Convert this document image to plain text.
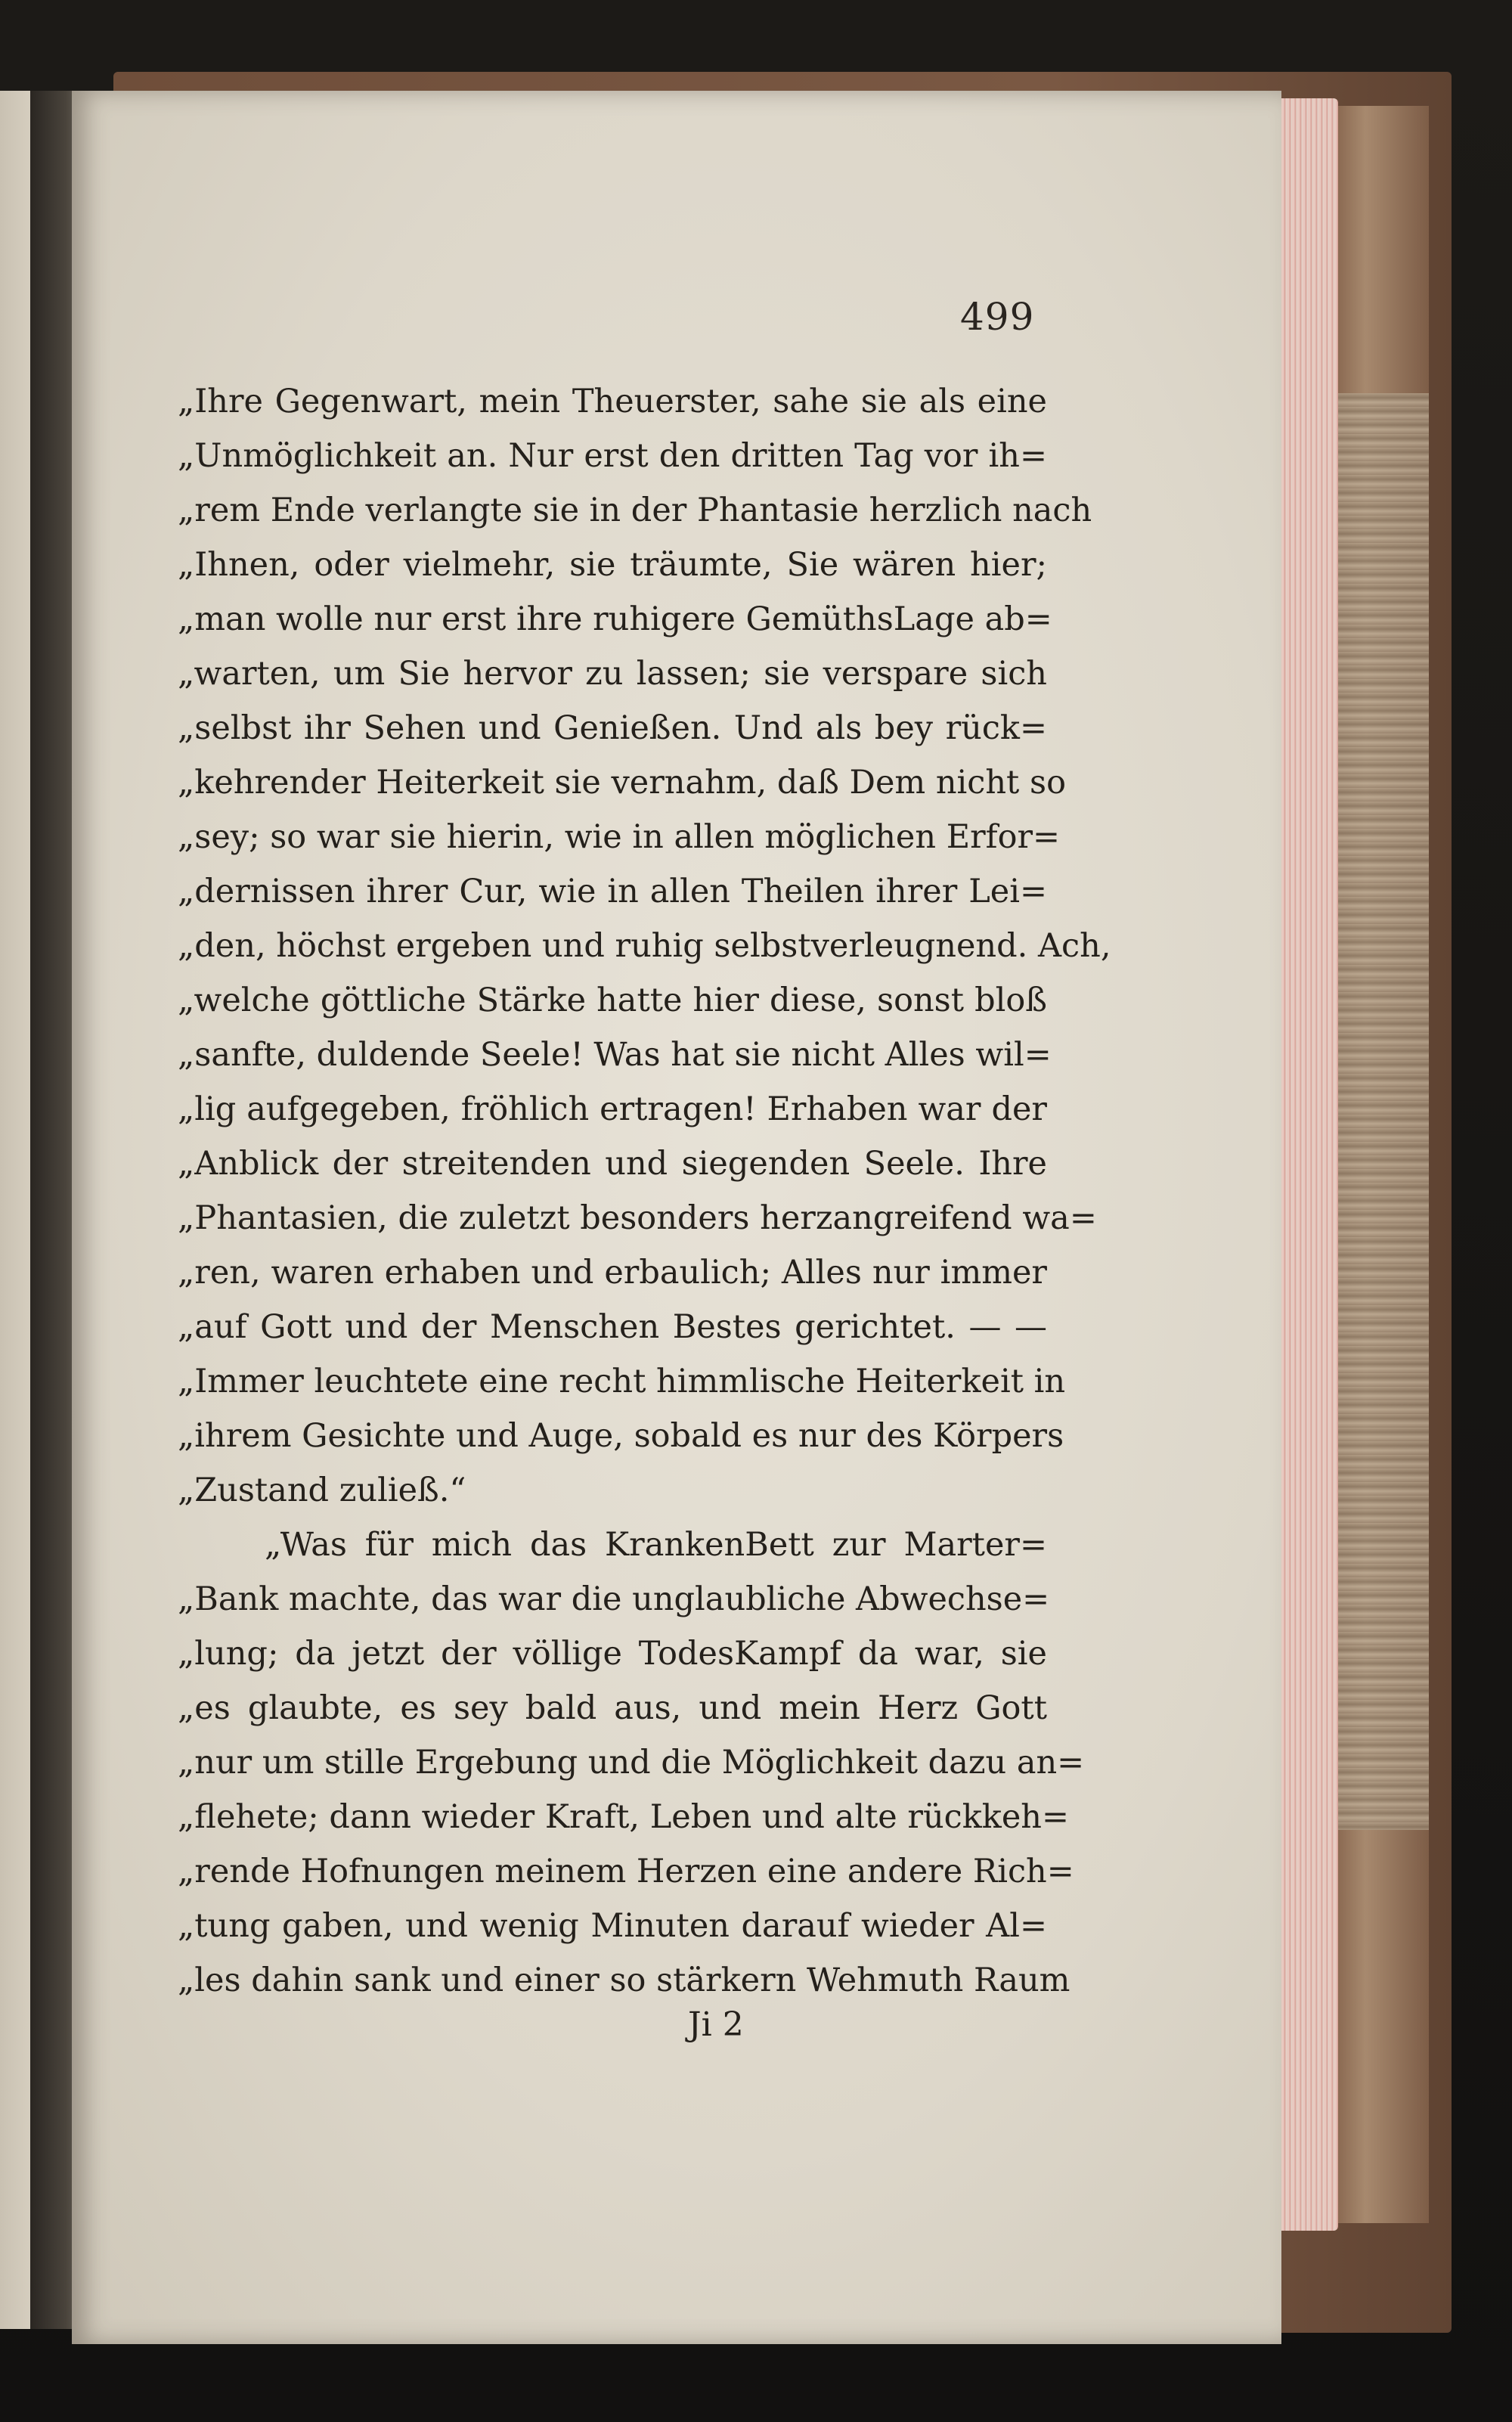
499
„Ihre Gegenwart, mein Theuerster, sahe sie als eine
„Unmöglichkeit an. Nur erst den dritten Tag vor ih=
„rem Ende verlangte sie in der Phantasie herzlich nach
„Ihnen, oder vielmehr, sie träumte, Sie wären hier;
„man wolle nur erst ihre ruhigere GemüthsLage ab=
„warten, um Sie hervor zu lassen; sie verspare sich
„selbst ihr Sehen und Genießen. Und als bey rück=
„kehrender Heiterkeit sie vernahm, daß Dem nicht so
„sey; so war sie hierin, wie in allen möglichen Erfor=
„dernissen ihrer Cur, wie in allen Theilen ihrer Lei=
„den, höchst ergeben und ruhig selbstverleugnend. Ach,
„welche göttliche Stärke hatte hier diese, sonst bloß
„sanfte, duldende Seele! Was hat sie nicht Alles wil=
„lig aufgegeben, fröhlich ertragen! Erhaben war der
„Anblick der streitenden und siegenden Seele. Ihre
„Phantasien, die zuletzt besonders herzangreifend wa=
„ren, waren erhaben und erbaulich; Alles nur immer
„auf Gott und der Menschen Bestes gerichtet. — —
„Immer leuchtete eine recht himmlische Heiterkeit in
„ihrem Gesichte und Auge, sobald es nur des Körpers
„Zustand zuließ.“
„Was für mich das KrankenBett zur Marter=
„Bank machte, das war die unglaubliche Abwechse=
„lung; da jetzt der völlige TodesKampf da war, sie
„es glaubte, es sey bald aus, und mein Herz Gott
„nur um stille Ergebung und die Möglichkeit dazu an=
„flehete; dann wieder Kraft, Leben und alte rückkeh=
„rende Hofnungen meinem Herzen eine andere Rich=
„tung gaben, und wenig Minuten darauf wieder Al=
„les dahin sank und einer so stärkern Wehmuth Raum
Ji 2
